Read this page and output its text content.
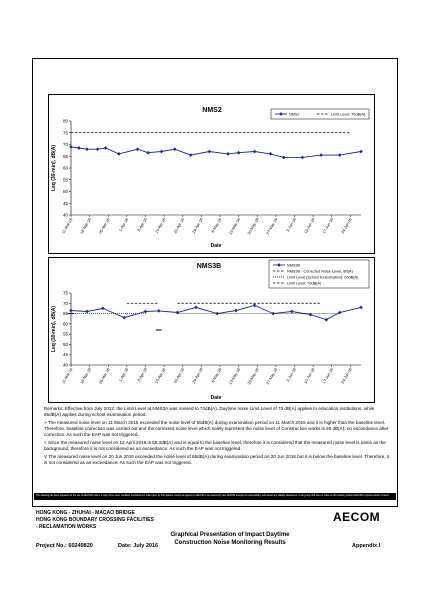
NMS2
40
45
50
55
60
65
70
75
80
11-Mar-16 18-Mar-16 25-Mar-16 1-Apr-16 8-Apr-16 15-Apr-16 22-Apr-16 29-Apr-16 6-May-16 13-May-16 20-May-16 27-May-16 3-Jun-16 10-Jun-16 17-Jun-16 24-Jun-16
Leq (30-min), dB(A)
Date
NMS2	Limit Level: 75dB(A)
NMS3B
40
45
50
55
60
65
70
75
11-Mar-16 18-Mar-16 25-Mar-16 1-Apr-16 8-Apr-16 15-Apr-16 22-Apr-16 29-Apr-16 6-May-16 13-May-16 20-May-16 27-May-16 3-Jun-16 10-Jun-16 17-Jun-16 24-Jun-16
Leq (30-min), dB(A)
Date
NMS3B
NMS3B - Corrected Noise Level, dB(A)
Limit Level (School Examination): 65dB(A)
Limit Level: 70dB(A)

Remarks: Effective from July 2012, the Limit Level at NMS3A was revised to 70dB(A). Daytime noise Limit Level of 70 dB(A) applies to education institutions, while 65dB(A) applies during school examination period.

> The measured noise level on 11 March 2016 exceeded the noise level of 65dB(A) during examination period on 11 March 2016 and it is higher than the baseline level. Therefore, baseline correction was carried out and the corrected noise level which solely represent the noise level of Construction works is 65 dB(A); no exceedance after correction. As such the EAP was not triggered.

< Since the measured noise level on 13 April 2016 is 66.3dB(A) and is equal to the baseline level, therefore it is considered that the measured noise level is same as the background, therefore it is not considered as an exceedance. As such the EAP was not triggered.

V The measured noise level on 20 Jun 2016 exceeded the noise level of 65dB(A) during examination period on 20 Jun 2016 but it is below the baseline level. Therefore, it is not considered as an exceedance. As such the EAP was not triggered.

This drawing has been prepared for the use of AECOM's client. It may not be used, modified, reproduced or relied upon by third parties, except as agreed by AECOM or as required by law. AECOM accepts no responsibility, and denies any liability whatsoever, to any party that uses or relies on this drawing without AECOM's express written consent.
HONG KONG - ZHUHAI - MACAO BRIDGE
HONG KONG BOUNDARY CROSSING FACILITIES
- RECLAMATION WORKS
Graphical Presentation of Impact Daytime
Construction Noise Monitoring Results
AECOM
Project No.: 60249820	Date: July 2016	Appendix I
